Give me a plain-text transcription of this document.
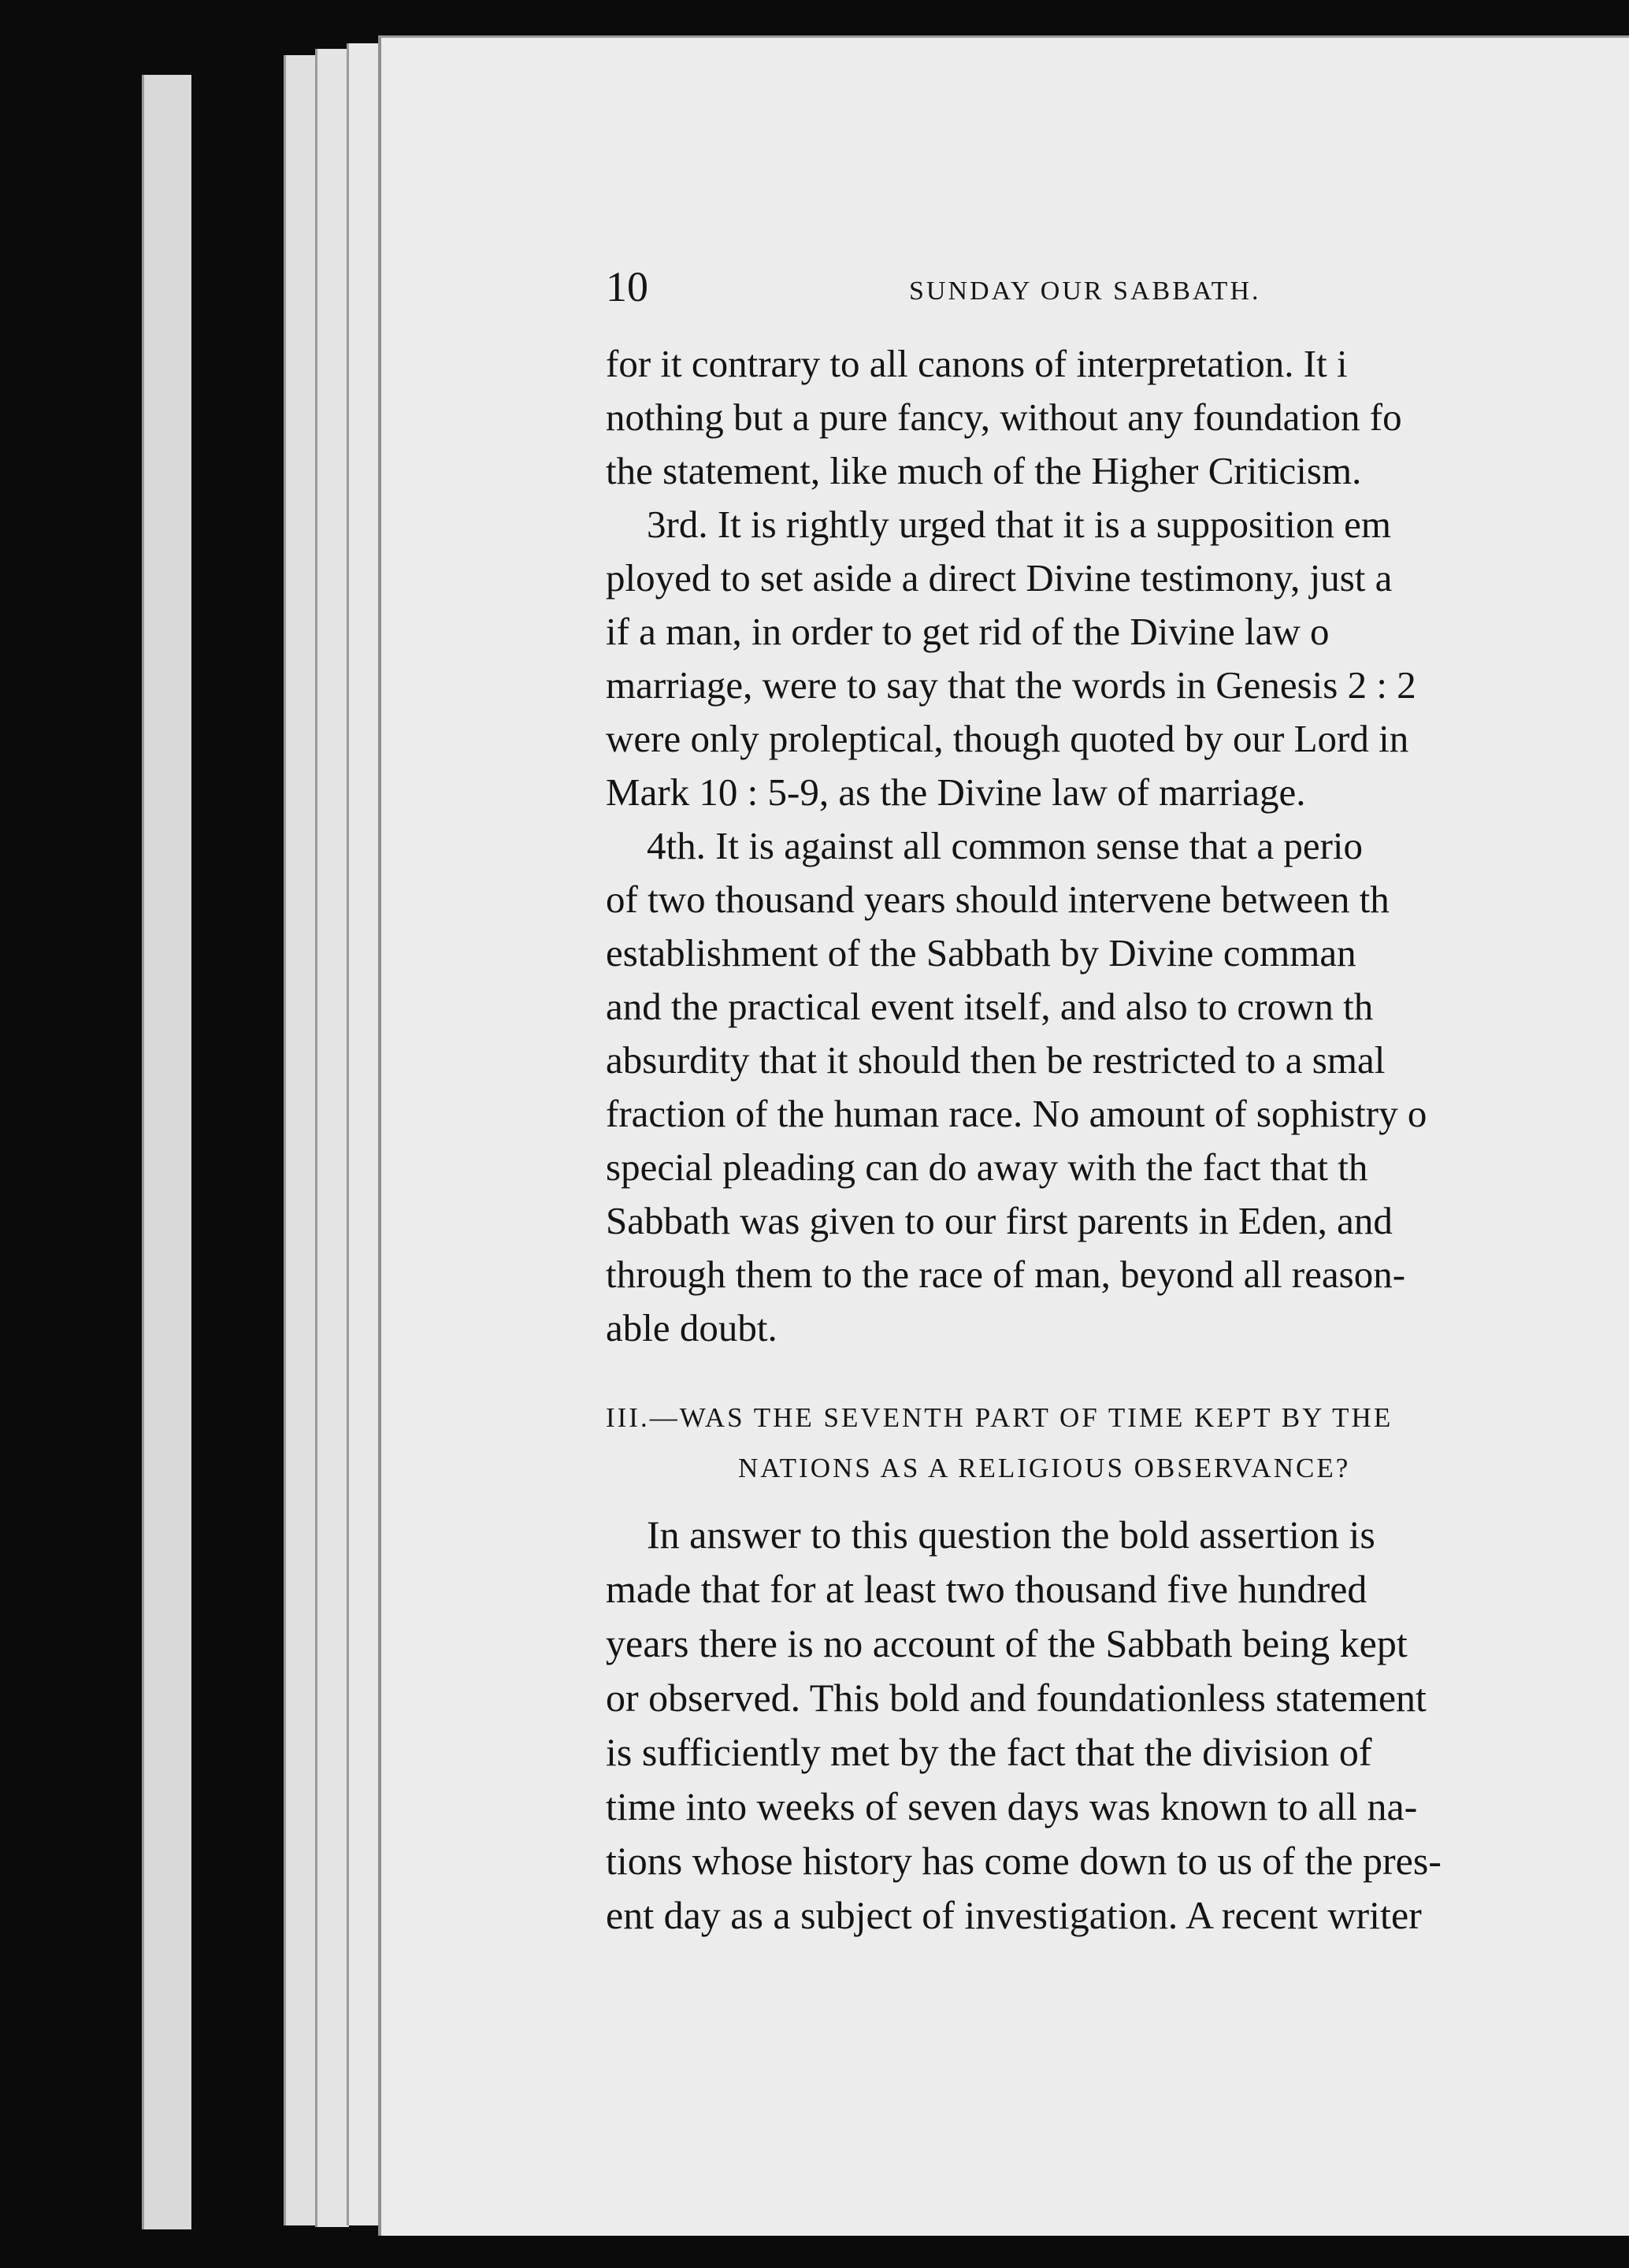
10	SUNDAY OUR SABBATH.

for it contrary to all canons of interpretation. It i
nothing but a pure fancy, without any foundation fo
the statement, like much of the Higher Criticism.

3rd. It is rightly urged that it is a supposition em
ployed to set aside a direct Divine testimony, just a
if a man, in order to get rid of the Divine law o
marriage, were to say that the words in Genesis 2 : 2
were only proleptical, though quoted by our Lord in
Mark 10 : 5-9, as the Divine law of marriage.

4th. It is against all common sense that a perio
of two thousand years should intervene between th
establishment of the Sabbath by Divine comman
and the practical event itself, and also to crown th
absurdity that it should then be restricted to a smal
fraction of the human race. No amount of sophistry o
special pleading can do away with the fact that th
Sabbath was given to our first parents in Eden, and
through them to the race of man, beyond all reason-
able doubt.

III.—WAS THE SEVENTH PART OF TIME KEPT BY THE
NATIONS AS A RELIGIOUS OBSERVANCE?

In answer to this question the bold assertion is
made that for at least two thousand five hundred
years there is no account of the Sabbath being kept
or observed. This bold and foundationless statement
is sufficiently met by the fact that the division of
time into weeks of seven days was known to all na-
tions whose history has come down to us of the pres-
ent day as a subject of investigation. A recent writer
